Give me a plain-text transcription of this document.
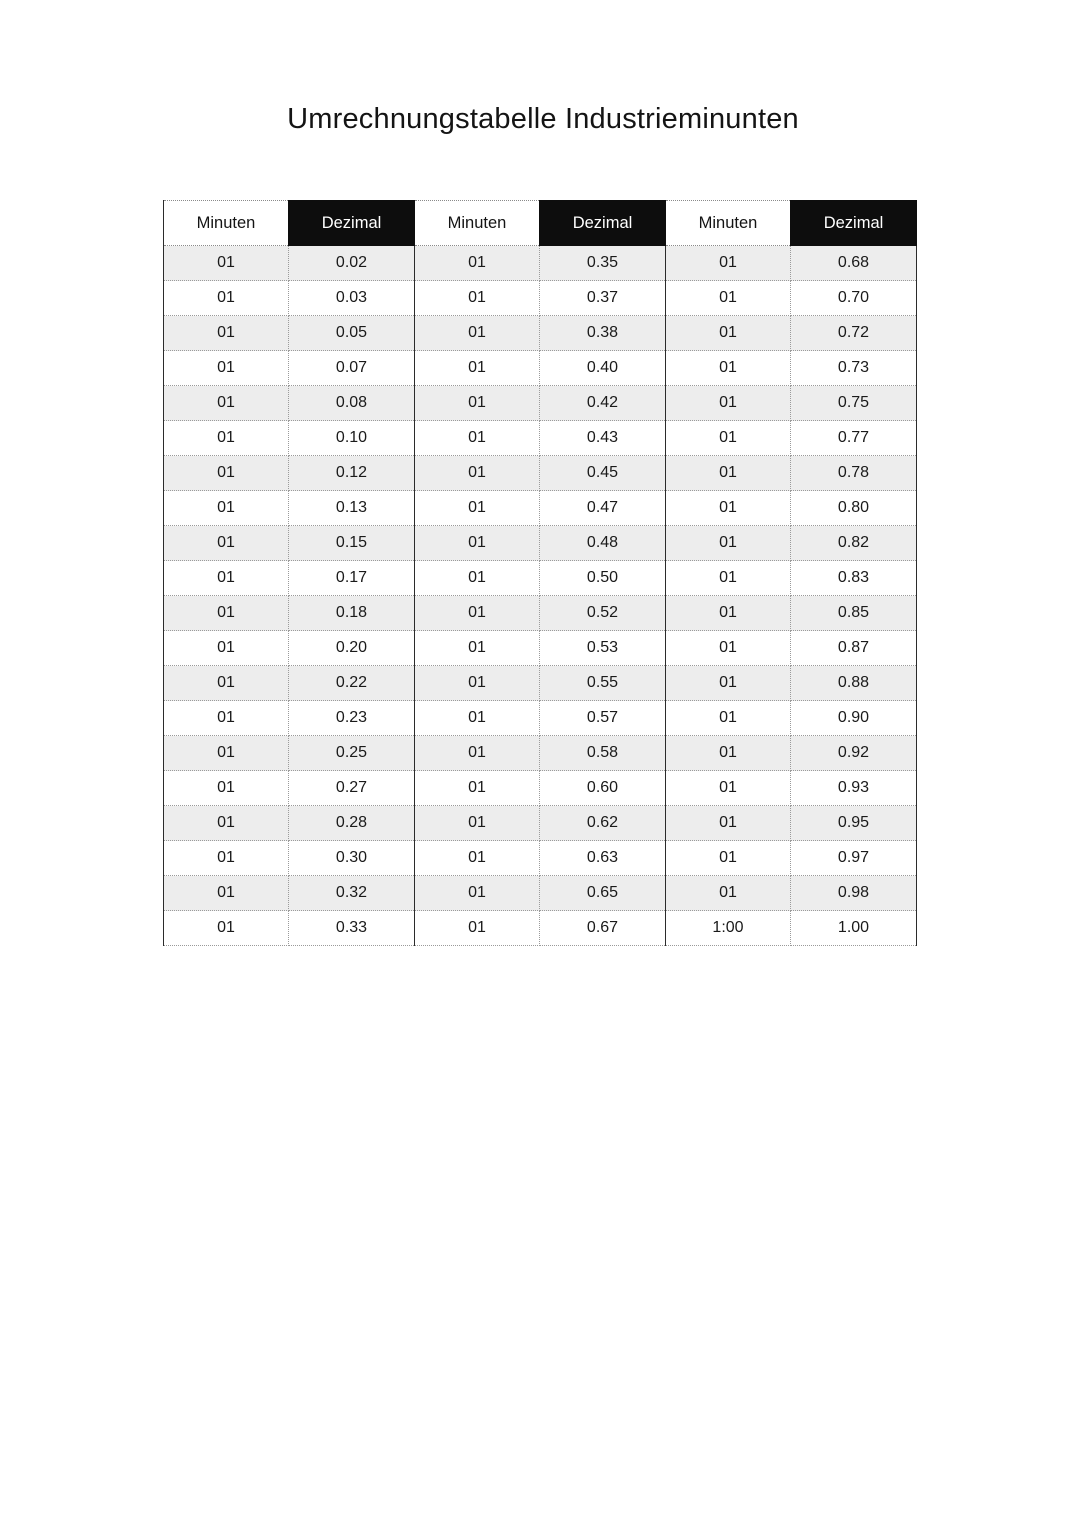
Umrechnungstabelle Industrieminunten
Minuten	Dezimal	Minuten	Dezimal	Minuten	Dezimal
01	0.02	01	0.35	01	0.68
01	0.03	01	0.37	01	0.70
01	0.05	01	0.38	01	0.72
01	0.07	01	0.40	01	0.73
01	0.08	01	0.42	01	0.75
01	0.10	01	0.43	01	0.77
01	0.12	01	0.45	01	0.78
01	0.13	01	0.47	01	0.80
01	0.15	01	0.48	01	0.82
01	0.17	01	0.50	01	0.83
01	0.18	01	0.52	01	0.85
01	0.20	01	0.53	01	0.87
01	0.22	01	0.55	01	0.88
01	0.23	01	0.57	01	0.90
01	0.25	01	0.58	01	0.92
01	0.27	01	0.60	01	0.93
01	0.28	01	0.62	01	0.95
01	0.30	01	0.63	01	0.97
01	0.32	01	0.65	01	0.98
01	0.33	01	0.67	1:00	1.00
